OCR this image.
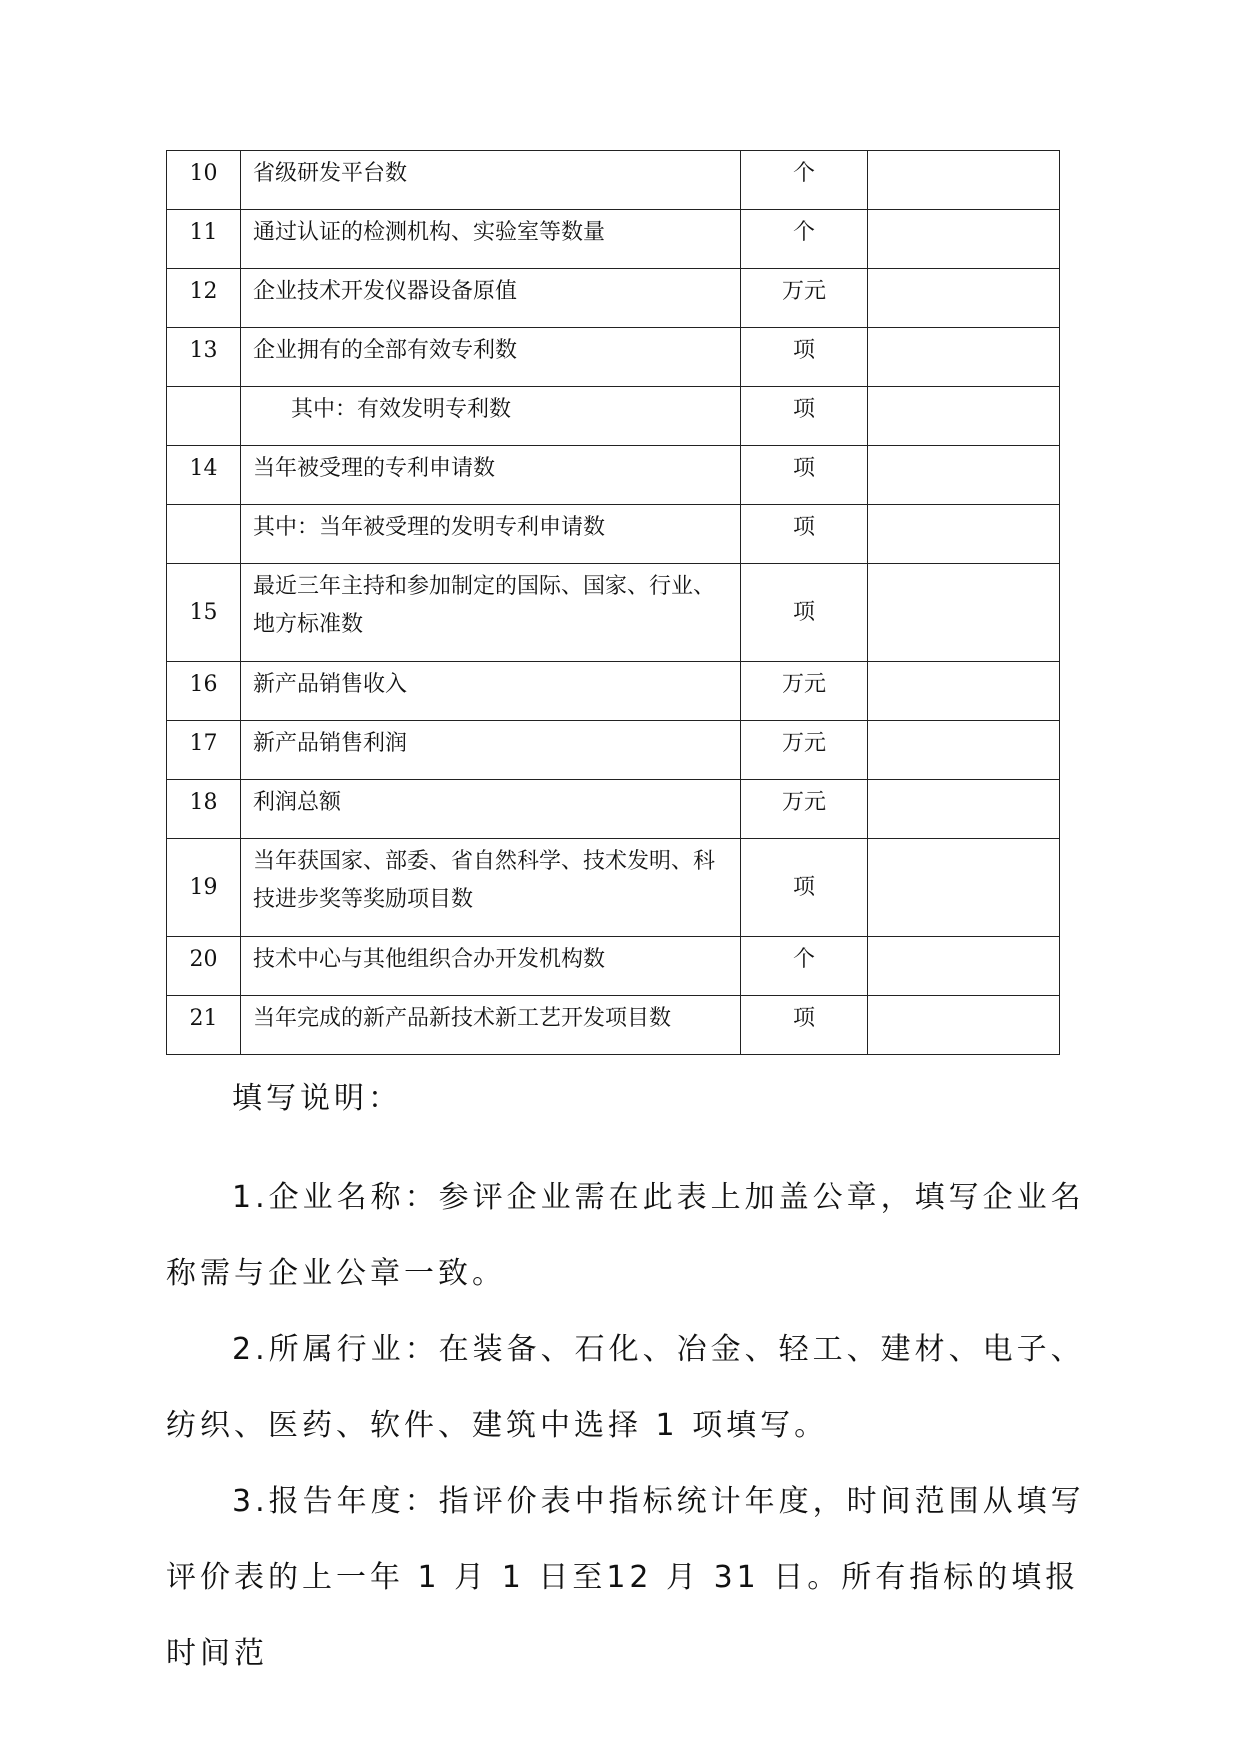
10	省级研发平台数	个	
11	通过认证的检测机构、实验室等数量	个	
12	企业技术开发仪器设备原值	万元	
13	企业拥有的全部有效专利数	项	
	其中：有效发明专利数	项	
14	当年被受理的专利申请数	项	
	其中：当年被受理的发明专利申请数	项	
15	最近三年主持和参加制定的国际、国家、行业、地方标准数	项	
16	新产品销售收入	万元	
17	新产品销售利润	万元	
18	利润总额	万元	
19	当年获国家、部委、省自然科学、技术发明、科技进步奖等奖励项目数	项	
20	技术中心与其他组织合办开发机构数	个	
21	当年完成的新产品新技术新工艺开发项目数	项	

填写说明：

1.企业名称：参评企业需在此表上加盖公章，填写企业名称需与企业公章一致。

2.所属行业：在装备、石化、冶金、轻工、建材、电子、纺织、医药、软件、建筑中选择 1 项填写。

3.报告年度：指评价表中指标统计年度，时间范围从填写评价表的上一年 1 月 1 日至12 月 31 日。所有指标的填报时间范
